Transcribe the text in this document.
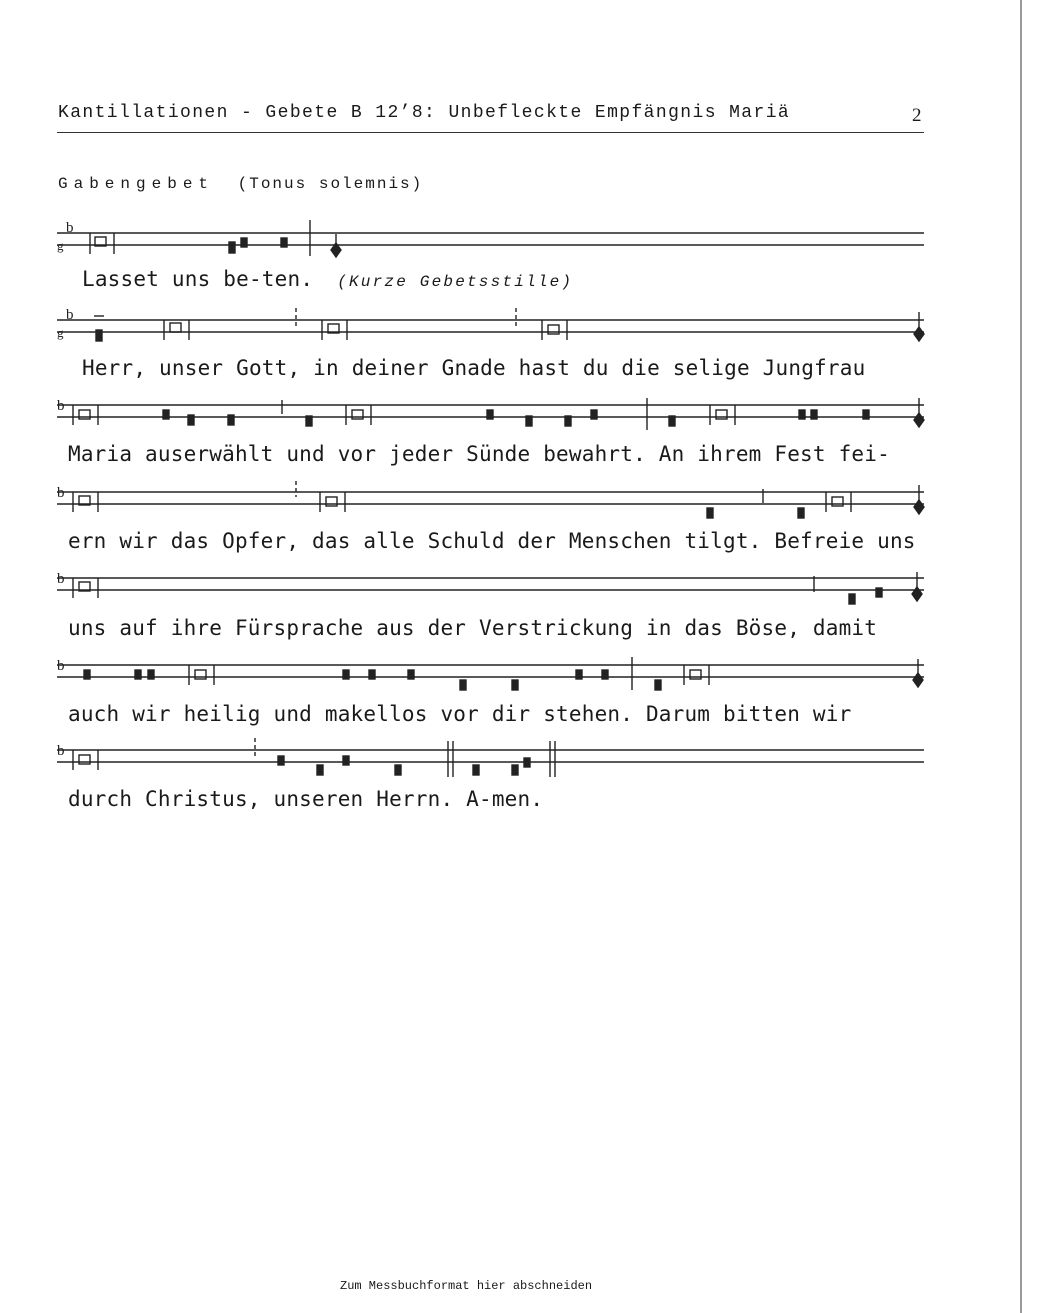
Kantillationen - Gebete B 12’8: Unbefleckte Empfängnis Mariä	2
Gabengebet (Tonus solemnis)
b
g
b
g
b
b
b
b
b
Lasset uns be-ten. (Kurze Gebetsstille)
Herr, unser Gott, in deiner Gnade hast du die selige Jungfrau
Maria auserwählt und vor jeder Sünde bewahrt. An ihrem Fest fei-
ern wir das Opfer, das alle Schuld der Menschen tilgt. Befreie uns
uns auf ihre Fürsprache aus der Verstrickung in das Böse, damit
auch wir heilig und makellos vor dir stehen. Darum bitten wir
durch Christus, unseren Herrn. A-men.
Zum Messbuchformat hier abschneiden
